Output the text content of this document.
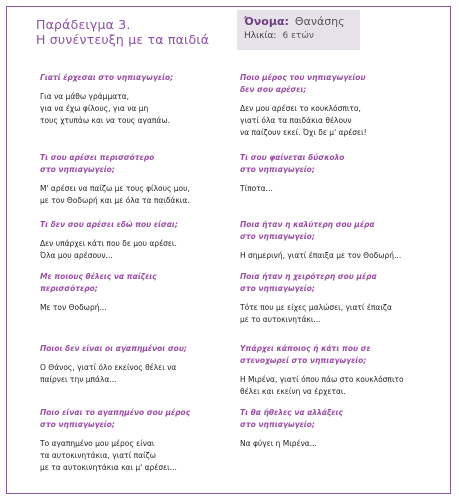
Παράδειγμα 3.
Η συνέντευξη με τα παιδιά
Όνομα: Θανάσης
Ηλικία: 6 ετών
Γιατί έρχεσαι στο νηπιαγωγείο;
Για να μάθω γράμματα,
για να έχω φίλους, για να μη
τους χτυπάω και να τους αγαπάω.
Τι σου αρέσει περισσότερο
στο νηπιαγωγείο;
Μ' αρέσει να παίζω με τους φίλους μου,
με τον Θοδωρή και με όλα τα παιδάκια.
Τι δεν σου αρέσει εδώ που είσαι;
Δεν υπάρχει κάτι που δε μου αρέσει.
Όλα μου αρέσουν...
Με ποιους θέλεις να παίζεις
περισσότερο;
Με τον Θοδωρή...
Ποιοι δεν είναι οι αγαπημένοι σου;
Ο Θάνος, γιατί όλο εκείνος θέλει να
παίρνει την μπάλα...
Ποιο είναι το αγαπημένο σου μέρος
στο νηπιαγωγείο;
Το αγαπημένο μου μέρος είναι
τα αυτοκινητάκια, γιατί παίζω
με τα αυτοκινητάκια και μ' αρέσει...
Ποιο μέρος του νηπιαγωγείου
δεν σου αρέσει;
Δεν μου αρέσει το κουκλόσπιτο,
γιατί όλα τα παιδάκια θέλουν
να παίζουν εκεί. Όχι δε μ' αρέσει!
Τι σου φαίνεται δύσκολο
στο νηπιαγωγείο;
Τίποτα...
Ποια ήταν η καλύτερη σου μέρα
στο νηπιαγωγείο;
Η σημερινή, γιατί έπαιξα με τον Θοδωρή...
Ποια ήταν η χειρότερη σου μέρα
στο νηπιαγωγείο;
Τότε που με είχες μαλώσει, γιατί έπαιζα
με το αυτοκινητάκι...
Υπάρχει κάποιος ή κάτι που σε
στενοχωρεί στο νηπιαγωγείο;
Η Μιρένα, γιατί όπου πάω στο κουκλόσπιτο
θέλει και εκείνη να έρχεται.
Τι θα ήθελες να αλλάξεις
στο νηπιαγωγείο;
Να φύγει η Μιρένα...
